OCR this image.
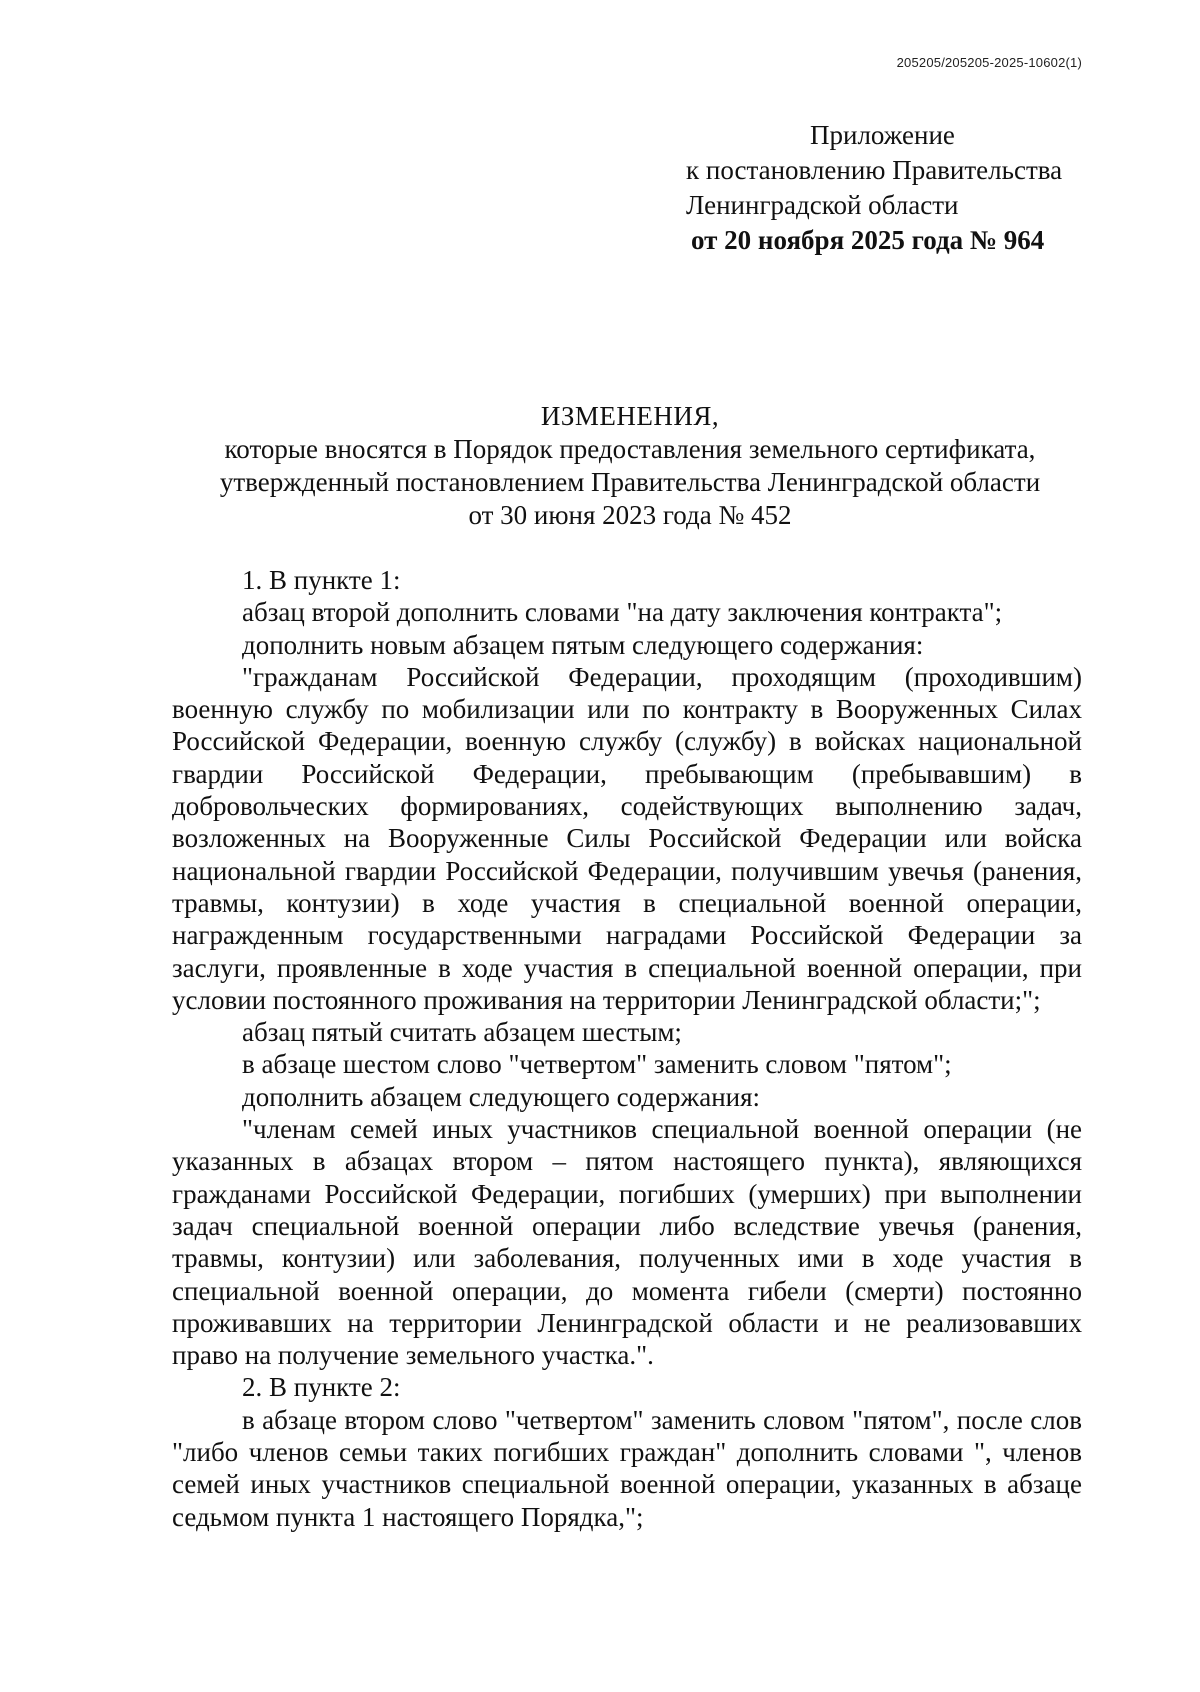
205205/205205-2025-10602(1)
Приложение
к постановлению Правительства
Ленинградской области
от 20 ноября 2025 года № 964
ИЗМЕНЕНИЯ,
которые вносятся в Порядок предоставления земельного сертификата,
утвержденный постановлением Правительства Ленинградской области
от 30 июня 2023 года № 452

1. В пункте 1:

абзац второй дополнить словами "на дату заключения контракта";

дополнить новым абзацем пятым следующего содержания:

"гражданам Российской Федерации, проходящим (проходившим) военную службу по мобилизации или по контракту в Вооруженных Силах Российской Федерации, военную службу (службу) в войсках национальной гвардии Российской Федерации, пребывающим (пребывавшим) в добровольческих формированиях, содействующих выполнению задач, возложенных на Вооруженные Силы Российской Федерации или войска национальной гвардии Российской Федерации, получившим увечья (ранения, травмы, контузии) в ходе участия в специальной военной операции, награжденным государственными наградами Российской Федерации за заслуги, проявленные в ходе участия в специальной военной операции, при условии постоянного проживания на территории Ленинградской области;";

абзац пятый считать абзацем шестым;

в абзаце шестом слово "четвертом" заменить словом "пятом";

дополнить абзацем следующего содержания:

"членам семей иных участников специальной военной операции (не указанных в абзацах втором – пятом настоящего пункта), являющихся гражданами Российской Федерации, погибших (умерших) при выполнении задач специальной военной операции либо вследствие увечья (ранения, травмы, контузии) или заболевания, полученных ими в ходе участия в специальной военной операции, до момента гибели (смерти) постоянно проживавших на территории Ленинградской области и не реализовавших право на получение земельного участка.".

2. В пункте 2:

в абзаце втором слово "четвертом" заменить словом "пятом", после слов "либо членов семьи таких погибших граждан" дополнить словами ", членов семей иных участников специальной военной операции, указанных в абзаце седьмом пункта 1 настоящего Порядка,";
